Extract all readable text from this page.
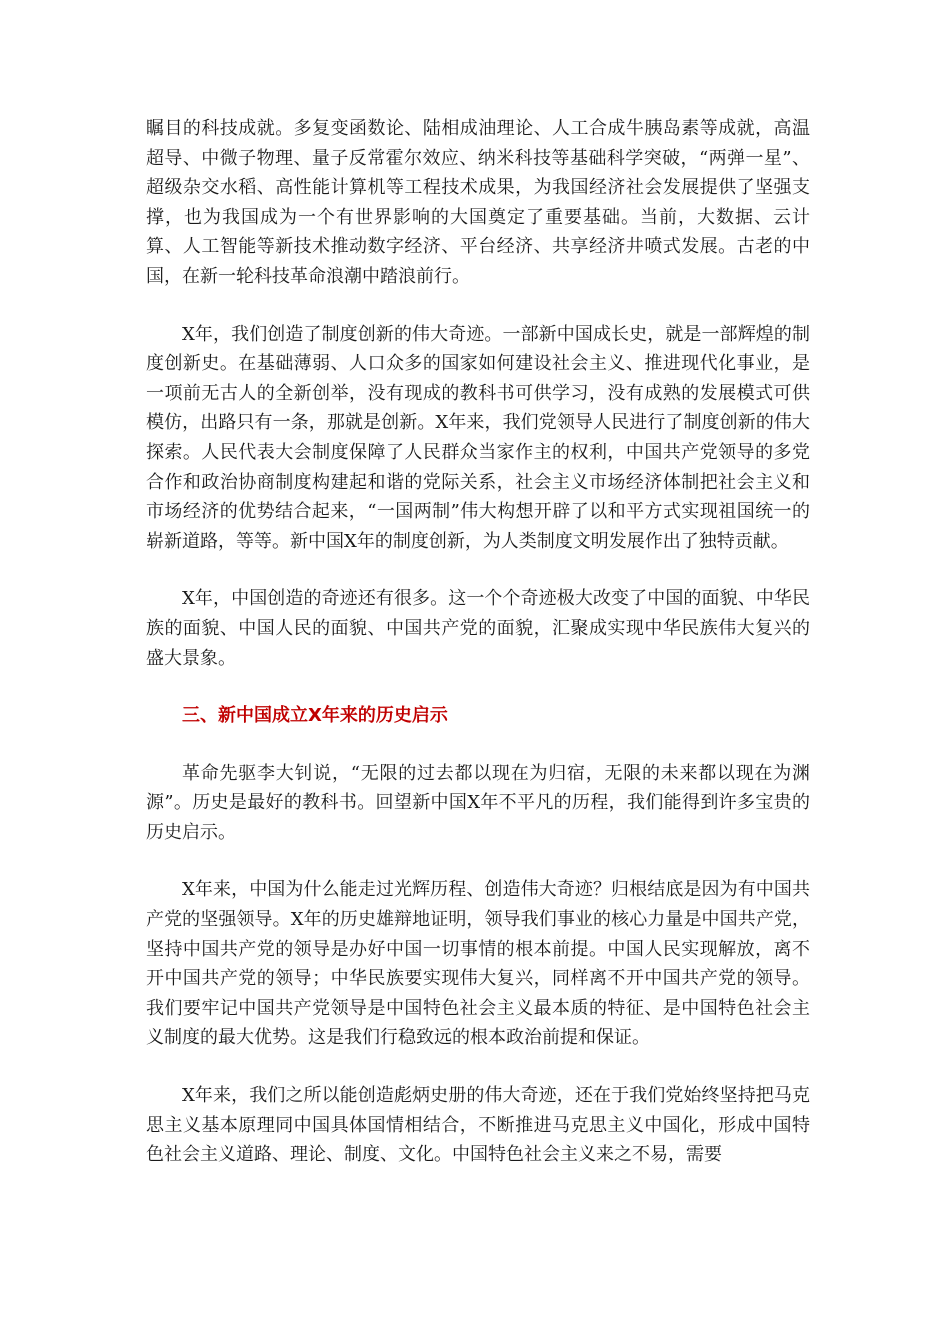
瞩目的科技成就。多复变函数论、陆相成油理论、人工合成牛胰岛素等成就，高温超导、中微子物理、量子反常霍尔效应、纳米科技等基础科学突破，“两弹一星”、超级杂交水稻、高性能计算机等工程技术成果，为我国经济社会发展提供了坚强支撑，也为我国成为一个有世界影响的大国奠定了重要基础。当前，大数据、云计算、人工智能等新技术推动数字经济、平台经济、共享经济井喷式发展。古老的中国，在新一轮科技革命浪潮中踏浪前行。

X年，我们创造了制度创新的伟大奇迹。一部新中国成长史，就是一部辉煌的制度创新史。在基础薄弱、人口众多的国家如何建设社会主义、推进现代化事业，是一项前无古人的全新创举，没有现成的教科书可供学习，没有成熟的发展模式可供模仿，出路只有一条，那就是创新。X年来，我们党领导人民进行了制度创新的伟大探索。人民代表大会制度保障了人民群众当家作主的权利，中国共产党领导的多党合作和政治协商制度构建起和谐的党际关系，社会主义市场经济体制把社会主义和市场经济的优势结合起来，“一国两制”伟大构想开辟了以和平方式实现祖国统一的崭新道路，等等。新中国X年的制度创新，为人类制度文明发展作出了独特贡献。

X年，中国创造的奇迹还有很多。这一个个奇迹极大改变了中国的面貌、中华民族的面貌、中国人民的面貌、中国共产党的面貌，汇聚成实现中华民族伟大复兴的盛大景象。

三、新中国成立X年来的历史启示

革命先驱李大钊说，“无限的过去都以现在为归宿，无限的未来都以现在为渊源”。历史是最好的教科书。回望新中国X年不平凡的历程，我们能得到许多宝贵的历史启示。

X年来，中国为什么能走过光辉历程、创造伟大奇迹？归根结底是因为有中国共产党的坚强领导。X年的历史雄辩地证明，领导我们事业的核心力量是中国共产党，坚持中国共产党的领导是办好中国一切事情的根本前提。中国人民实现解放，离不开中国共产党的领导；中华民族要实现伟大复兴，同样离不开中国共产党的领导。我们要牢记中国共产党领导是中国特色社会主义最本质的特征、是中国特色社会主义制度的最大优势。这是我们行稳致远的根本政治前提和保证。

X年来，我们之所以能创造彪炳史册的伟大奇迹，还在于我们党始终坚持把马克思主义基本原理同中国具体国情相结合，不断推进马克思主义中国化，形成中国特色社会主义道路、理论、制度、文化。中国特色社会主义来之不易，需要
